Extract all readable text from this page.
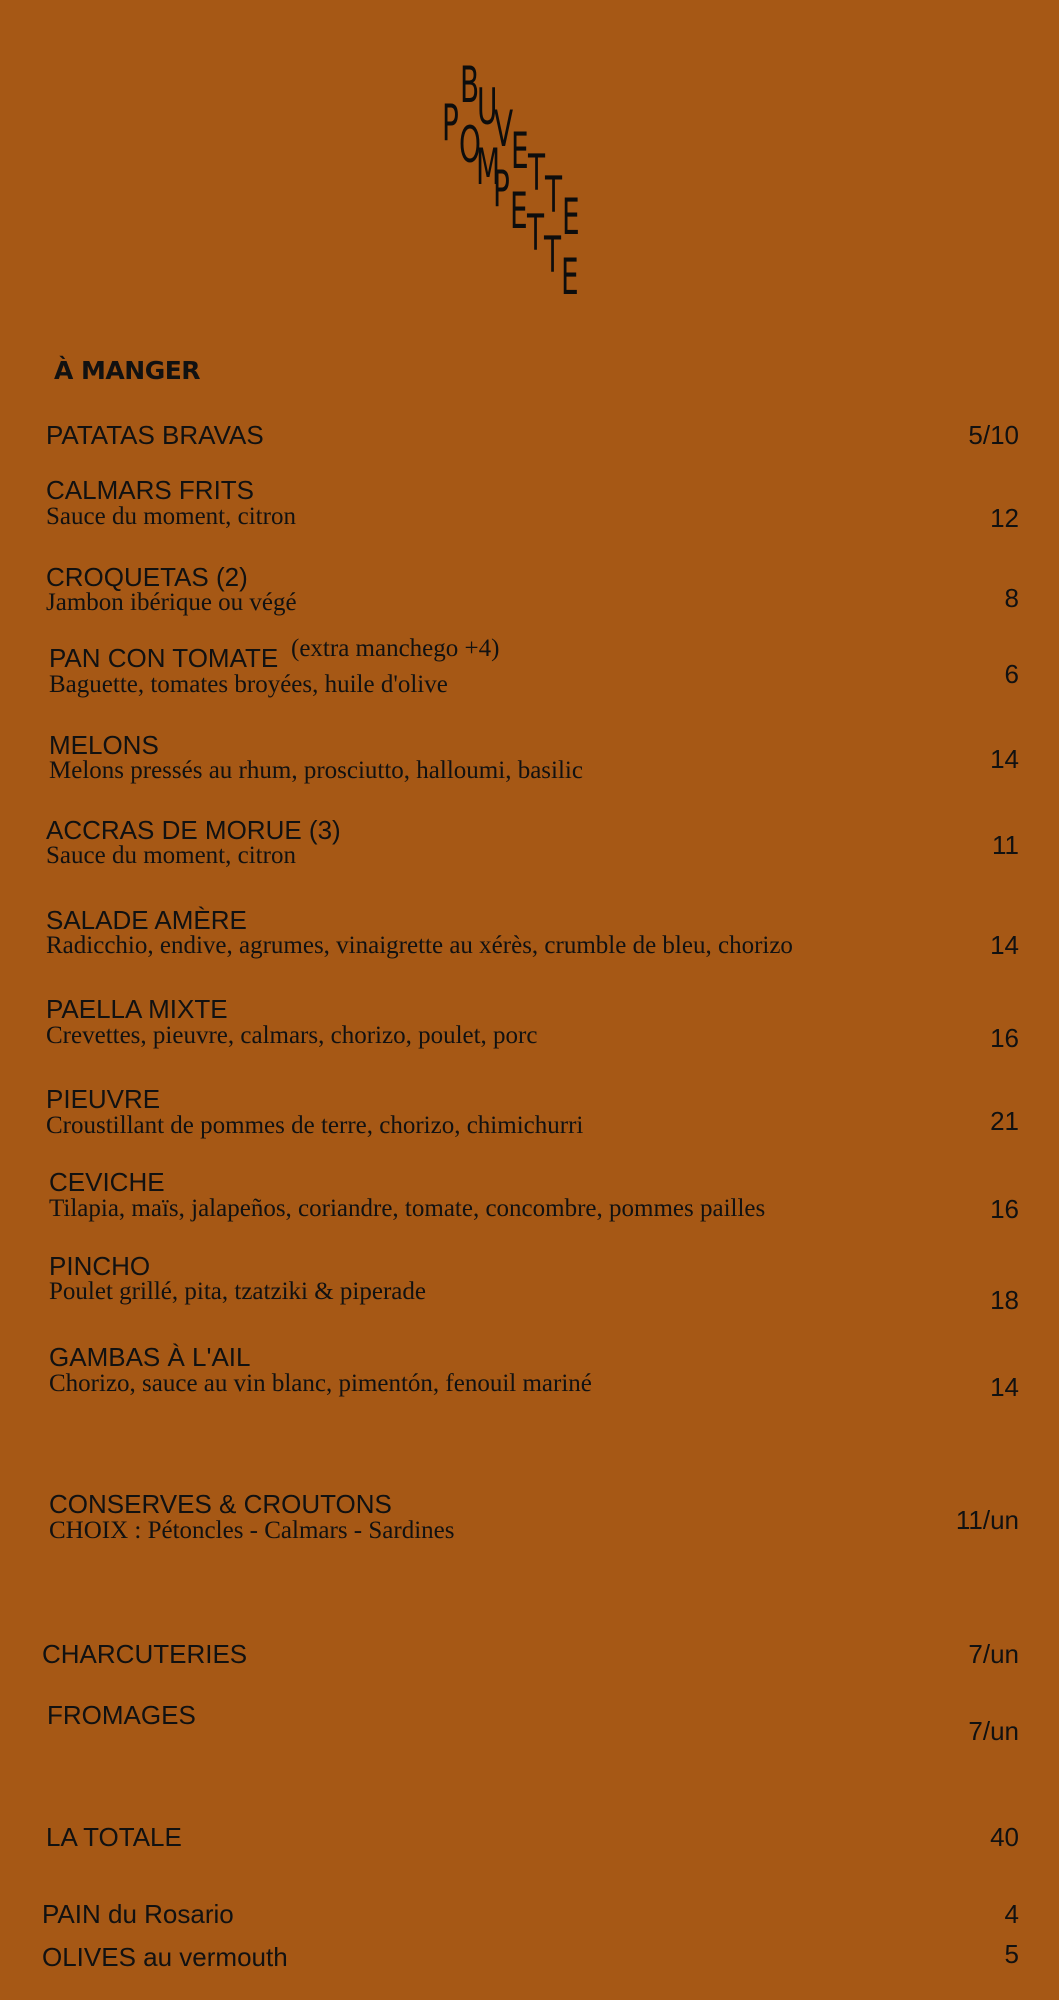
B
U
V
E T T E
P O
M
P E T T E
À MANGER
PATATAS BRAVAS	5/10
CALMARS FRITS
Sauce du moment, citron	12
CROQUETAS (2)
Jambon ibérique ou végé	8
PAN CON TOMATE (extra manchego +4)
Baguette, tomates broyées, huile d'olive	6
MELONS
Melons pressés au rhum, prosciutto, halloumi, basilic	14
ACCRAS DE MORUE (3)
Sauce du moment, citron	11
SALADE AMÈRE
Radicchio, endive, agrumes, vinaigrette au xérès, crumble de bleu, chorizo	14
PAELLA MIXTE
Crevettes, pieuvre, calmars, chorizo, poulet, porc	16
PIEUVRE
Croustillant de pommes de terre, chorizo, chimichurri	21
CEVICHE
Tilapia, maïs, jalapeños, coriandre, tomate, concombre, pommes pailles	16
PINCHO
Poulet grillé, pita, tzatziki & piperade	18
GAMBAS À L'AIL
Chorizo, sauce au vin blanc, pimentón, fenouil mariné	14
CONSERVES & CROUTONS
CHOIX : Pétoncles - Calmars - Sardines	11/un
CHARCUTERIES	7/un
FROMAGES
7/un
LA TOTALE	40
PAIN du Rosario	4
OLIVES au vermouth	5
